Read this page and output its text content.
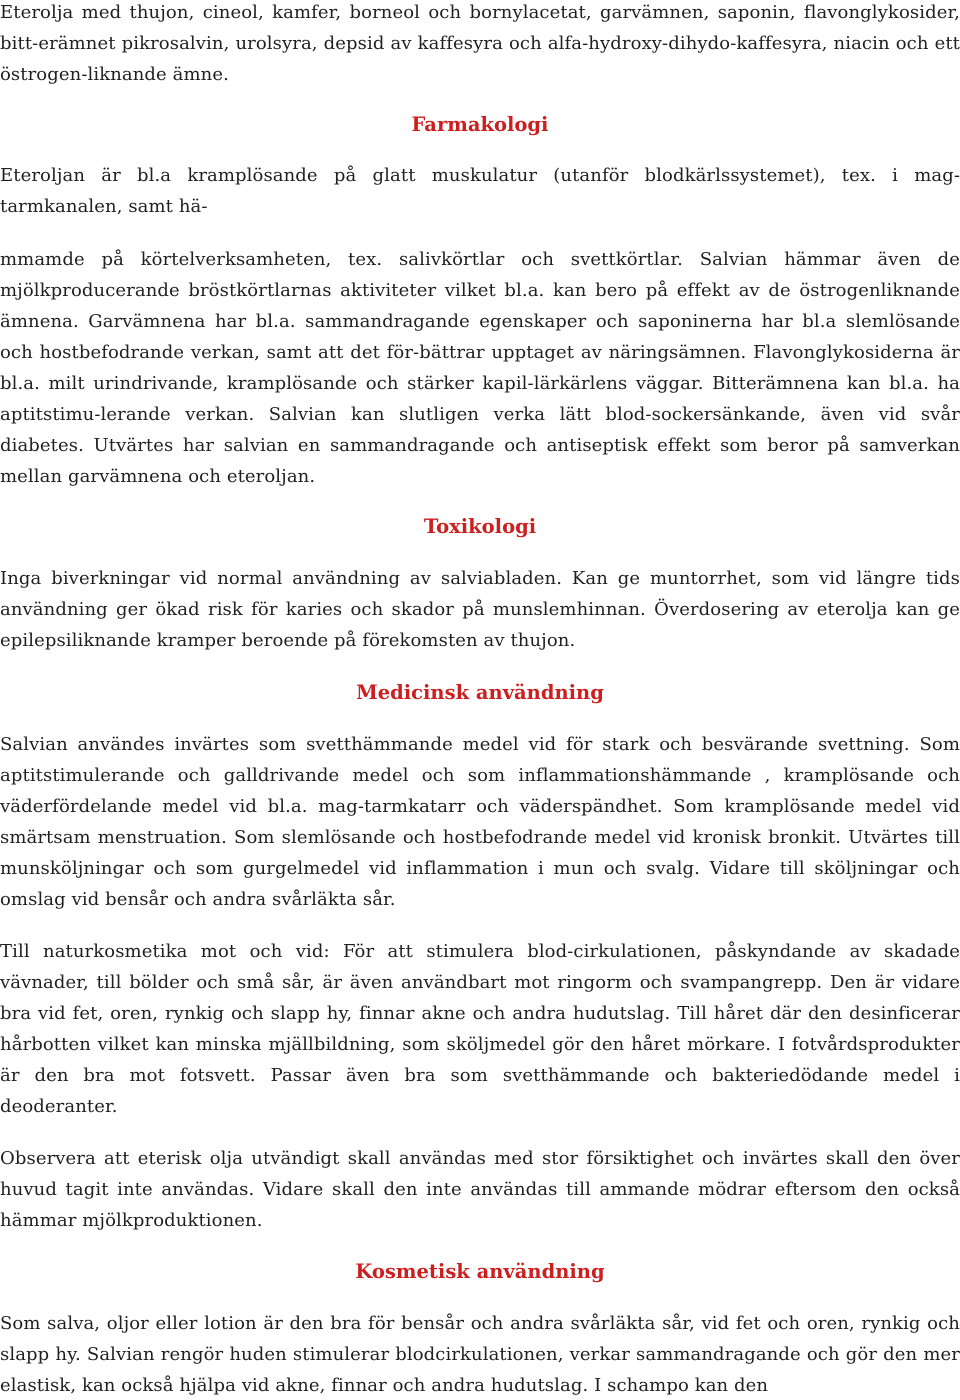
Eterolja med thujon, cineol, kamfer, borneol och bornylacetat, garvämnen, saponin, flavonglykosider, bitt-erämnet pikrosalvin, urolsyra, depsid av kaffesyra och alfa-hydroxy-dihydo-kaffesyra, niacin och ett östrogen-liknande ämne.

Farmakologi

Eteroljan är bl.a kramplösande på glatt muskulatur (utanför blodkärlssystemet), tex. i mag-tarmkanalen, samt hä-

mmamde på körtelverksamheten, tex. salivkörtlar och svettkörtlar. Salvian hämmar även de mjölkproducerande bröstkörtlarnas aktiviteter vilket bl.a. kan bero på effekt av de östrogenliknande ämnena. Garvämnena har bl.a. sammandragande egenskaper och saponinerna har bl.a slemlösande och hostbefodrande verkan, samt att det för-bättrar upptaget av näringsämnen. Flavonglykosiderna är bl.a. milt urindrivande, kramplösande och stärker kapil-lärkärlens väggar. Bitterämnena kan bl.a. ha aptitstimu-lerande verkan. Salvian kan slutligen verka lätt blod-sockersänkande, även vid svår diabetes. Utvärtes har salvian en sammandragande och antiseptisk effekt som beror på samverkan mellan garvämnena och eteroljan.

Toxikologi

Inga biverkningar vid normal användning av salviabladen. Kan ge muntorrhet, som vid längre tids användning ger ökad risk för karies och skador på munslemhinnan. Överdosering av eterolja kan ge epilepsiliknande kramper beroende på förekomsten av thujon.

Medicinsk användning

Salvian användes invärtes som svetthämmande medel vid för stark och besvärande svettning. Som aptitstimulerande och galldrivande medel och som inflammationshämmande , kramplösande och väderfördelande medel vid bl.a. mag-tarmkatarr och väderspändhet. Som kramplösande medel vid smärtsam menstruation. Som slemlösande och hostbefodrande medel vid kronisk bronkit. Utvärtes till munsköljningar och som gurgelmedel vid inflammation i mun och svalg. Vidare till sköljningar och omslag vid bensår och andra svårläkta sår.

Till naturkosmetika mot och vid: För att stimulera blod-cirkulationen, påskyndande av skadade vävnader, till bölder och små sår, är även användbart mot ringorm och svampangrepp. Den är vidare bra vid fet, oren, rynkig och slapp hy, finnar akne och andra hudutslag. Till håret där den desinficerar hårbotten vilket kan minska mjällbildning, som sköljmedel gör den håret mörkare. I fotvårdsprodukter är den bra mot fotsvett. Passar även bra som svetthämmande och bakteriedödande medel i deoderanter.

Observera att eterisk olja utvändigt skall användas med stor försiktighet och invärtes skall den över huvud tagit inte användas. Vidare skall den inte användas till ammande mödrar eftersom den också hämmar mjölkproduktionen.

Kosmetisk användning

Som salva, oljor eller lotion är den bra för bensår och andra svårläkta sår, vid fet och oren, rynkig och slapp hy. Salvian rengör huden stimulerar blodcirkulationen, verkar sammandragande och gör den mer elastisk, kan också hjälpa vid akne, finnar och andra hudutslag. I schampo kan den
